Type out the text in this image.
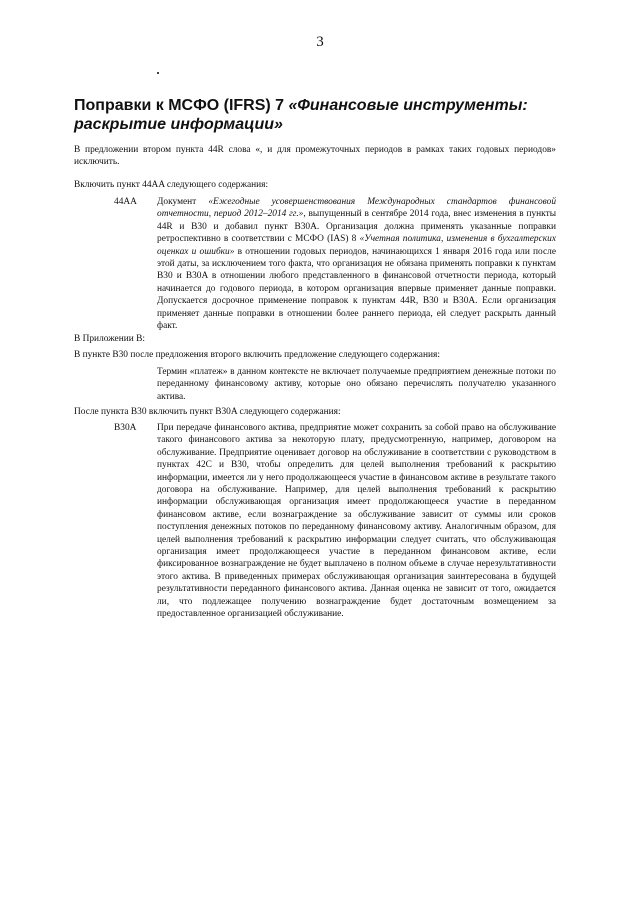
3
Поправки к МСФО (IFRS) 7 «Финансовые инструменты: раскрытие информации»
В предложении втором пункта 44R слова «, и для промежуточных периодов в рамках таких годовых периодов» исключить.
Включить пункт 44AA следующего содержания:
44AA Документ «Ежегодные усовершенствования Международных стандартов финансовой отчетности, период 2012–2014 гг.», выпущенный в сентябре 2014 года, внес изменения в пункты 44R и B30 и добавил пункт B30A. Организация должна применять указанные поправки ретроспективно в соответствии с МСФО (IAS) 8 «Учетная политика, изменения в бухгалтерских оценках и ошибки» в отношении годовых периодов, начинающихся 1 января 2016 года или после этой даты, за исключением того факта, что организация не обязана применять поправки к пунктам B30 и B30A в отношении любого представленного в финансовой отчетности периода, который начинается до годового периода, в котором организация впервые применяет данные поправки. Допускается досрочное применение поправок к пунктам 44R, B30 и B30A. Если организация применяет данные поправки в отношении более раннего периода, ей следует раскрыть данный факт.
В Приложении B:
В пункте B30 после предложения второго включить предложение следующего содержания:
Термин «платеж» в данном контексте не включает получаемые предприятием денежные потоки по переданному финансовому активу, которые оно обязано перечислять получателю указанного актива.
После пункта B30 включить пункт B30A следующего содержания:
B30A При передаче финансового актива, предприятие может сохранить за собой право на обслуживание такого финансового актива за некоторую плату, предусмотренную, например, договором на обслуживание. Предприятие оценивает договор на обслуживание в соответствии с руководством в пунктах 42C и B30, чтобы определить для целей выполнения требований к раскрытию информации, имеется ли у него продолжающееся участие в финансовом активе в результате такого договора на обслуживание. Например, для целей выполнения требований к раскрытию информации обслуживающая организация имеет продолжающееся участие в переданном финансовом активе, если вознаграждение за обслуживание зависит от суммы или сроков поступления денежных потоков по переданному финансовому активу. Аналогичным образом, для целей выполнения требований к раскрытию информации следует считать, что обслуживающая организация имеет продолжающееся участие в переданном финансовом активе, если фиксированное вознаграждение не будет выплачено в полном объеме в случае нерезультативности этого актива. В приведенных примерах обслуживающая организация заинтересована в будущей результативности переданного финансового актива. Данная оценка не зависит от того, ожидается ли, что подлежащее получению вознаграждение будет достаточным возмещением за предоставленное организацией обслуживание.
